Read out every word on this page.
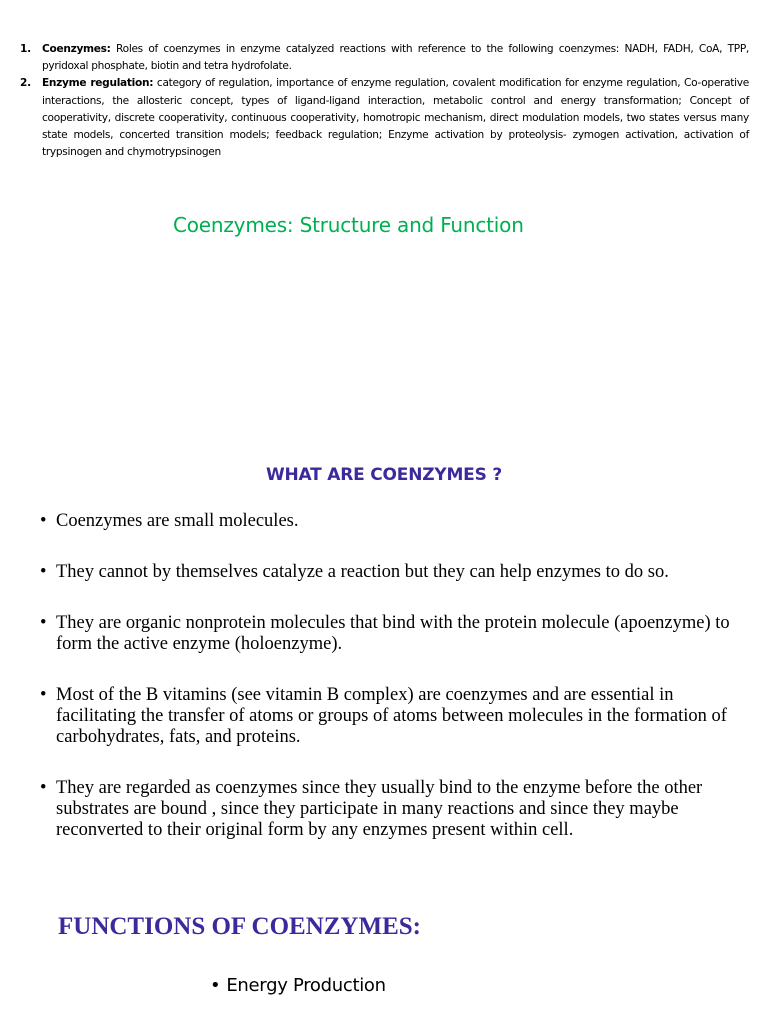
1. Coenzymes: Roles of coenzymes in enzyme catalyzed reactions with reference to the following coenzymes: NADH, FADH, CoA, TPP, pyridoxal phosphate, biotin and tetra hydrofolate.
2. Enzyme regulation: category of regulation, importance of enzyme regulation, covalent modification for enzyme regulation, Co-operative interactions, the allosteric concept, types of ligand-ligand interaction, metabolic control and energy transformation; Concept of cooperativity, discrete cooperativity, continuous cooperativity, homotropic mechanism, direct modulation models, two states versus many state models, concerted transition models; feedback regulation; Enzyme activation by proteolysis- zymogen activation, activation of trypsinogen and chymotrypsinogen
Coenzymes: Structure and Function
WHAT ARE COENZYMES ?
• Coenzymes are small molecules.
• They cannot by themselves catalyze a reaction but they can help enzymes to do so.
• They are organic nonprotein molecules that bind with the protein molecule (apoenzyme) to form the active enzyme (holoenzyme).
• Most of the B vitamins (see vitamin B complex) are coenzymes and are essential in facilitating the transfer of atoms or groups of atoms between molecules in the formation of carbohydrates, fats, and proteins.
• They are regarded as coenzymes since they usually bind to the enzyme before the other substrates are bound , since they participate in many reactions and since they maybe reconverted to their original form by any enzymes present within cell.
FUNCTIONS OF COENZYMES:
• Energy Production
